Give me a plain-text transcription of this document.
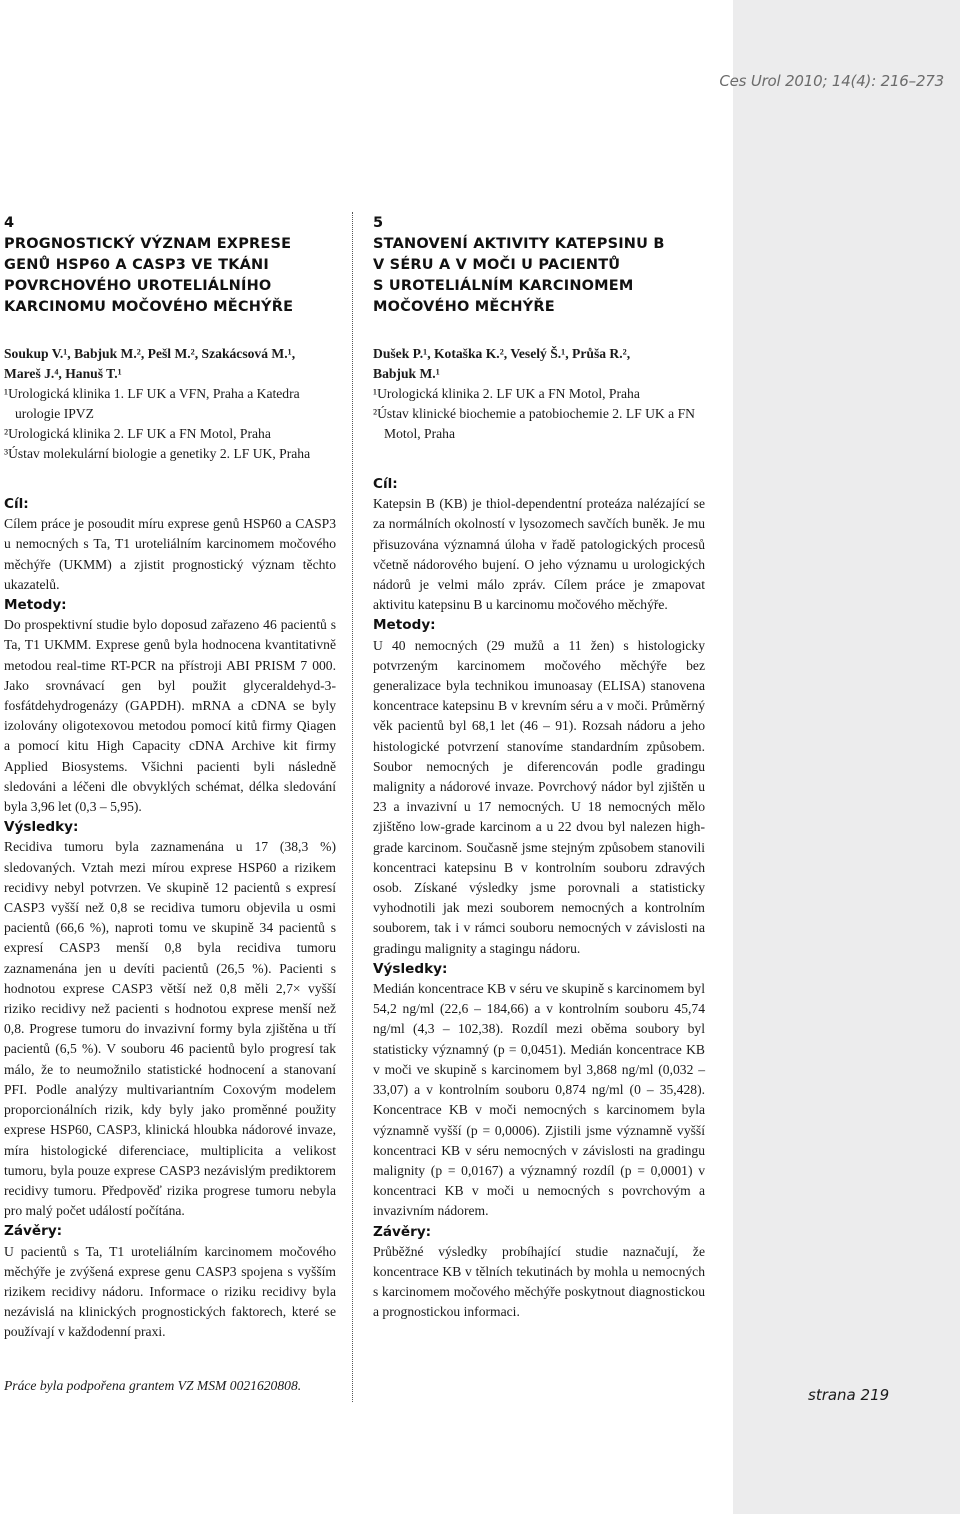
Ces Urol 2010; 14(4): 216–273
4
PROGNOSTICKÝ VÝZNAM EXPRESE
GENŮ HSP60 A CASP3 VE TKÁNI
POVRCHOVÉHO UROTELIÁLNÍHO
KARCINOMU MOČOVÉHO MĚCHÝŘE
Soukup V.¹, Babjuk M.², Pešl M.², Szakácsová M.¹,
Mareš J.⁴, Hanuš T.¹
¹Urologická klinika 1. LF UK a VFN, Praha a Katedra urologie IPVZ
²Urologická klinika 2. LF UK a FN Motol, Praha
³Ústav molekulární biologie a genetiky 2. LF UK, Praha
Cíl:

Cílem práce je posoudit míru exprese genů HSP60 a CASP3 u nemocných s Ta, T1 uroteliálním karcinomem močového měchýře (UKMM) a zjistit prognostický význam těchto ukazatelů.

Metody:

Do prospektivní studie bylo doposud zařazeno 46 pacientů s Ta, T1 UKMM. Exprese genů byla hodnocena kvantitativně metodou real-time RT-PCR na přístroji ABI PRISM 7 000. Jako srovnávací gen byl použit glyceraldehyd-3-fosfátdehydrogenázy (GAPDH). mRNA a cDNA se byly izolovány oligotexovou metodou pomocí kitů firmy Qiagen a pomocí kitu High Capacity cDNA Archive kit firmy Applied Biosystems. Všichni pacienti byli následně sledováni a léčeni dle obvyklých schémat, délka sledování byla 3,96 let (0,3 – 5,95).

Výsledky:

Recidiva tumoru byla zaznamenána u 17 (38,3 %) sledovaných. Vztah mezi mírou exprese HSP60 a rizikem recidivy nebyl potvrzen. Ve skupině 12 pacientů s expresí CASP3 vyšší než 0,8 se recidiva tumoru objevila u osmi pacientů (66,6 %), naproti tomu ve skupině 34 pacientů s expresí CASP3 menší 0,8 byla recidiva tumoru zaznamenána jen u devíti pacientů (26,5 %). Pacienti s hodnotou exprese CASP3 větší než 0,8 měli 2,7× vyšší riziko recidivy než pacienti s hodnotou exprese menší než 0,8. Progrese tumoru do invazivní formy byla zjištěna u tří pacientů (6,5 %). V souboru 46 pacientů bylo progresí tak málo, že to neumožnilo statistické hodnocení a stanovaní PFI. Podle analýzy multivariantním Coxovým modelem proporcionálních rizik, kdy byly jako proměnné použity exprese HSP60, CASP3, klinická hloubka nádorové invaze, míra histologické diferenciace, multiplicita a velikost tumoru, byla pouze exprese CASP3 nezávislým prediktorem recidivy tumoru. Předpověď rizika progrese tumoru nebyla pro malý počet událostí počítána.

Závěry:

U pacientů s Ta, T1 uroteliálním karcinomem močového měchýře je zvýšená exprese genu CASP3 spojena s vyšším rizikem recidivy nádoru. Informace o riziku recidivy byla nezávislá na klinických prognostických faktorech, které se používají v každodenní praxi.

5
STANOVENÍ AKTIVITY KATEPSINU B
V SÉRU A V MOČI U PACIENTŮ
S UROTELIÁLNÍM KARCINOMEM
MOČOVÉHO MĚCHÝŘE
Dušek P.¹, Kotaška K.², Veselý Š.¹, Průša R.²,
Babjuk M.¹
¹Urologická klinika 2. LF UK a FN Motol, Praha
²Ústav klinické biochemie a patobiochemie 2. LF UK a FN Motol, Praha
Cíl:

Katepsin B (KB) je thiol-dependentní proteáza nalézající se za normálních okolností v lysozomech savčích buněk. Je mu přisuzována významná úloha v řadě patologických procesů včetně nádorového bujení. O jeho významu u urologických nádorů je velmi málo zpráv. Cílem práce je zmapovat aktivitu katepsinu B u karcinomu močového měchýře.

Metody:

U 40 nemocných (29 mužů a 11 žen) s histologicky potvrzeným karcinomem močového měchýře bez generalizace byla technikou imunoasay (ELISA) stanovena koncentrace katepsinu B v krevním séru a v moči. Průměrný věk pacientů byl 68,1 let (46 – 91). Rozsah nádoru a jeho histologické potvrzení stanovíme standardním způsobem. Soubor nemocných je diferencován podle gradingu malignity a nádorové invaze. Povrchový nádor byl zjištěn u 23 a invazivní u 17 nemocných. U 18 nemocných mělo zjištěno low-grade karcinom a u 22 dvou byl nalezen high-grade karcinom. Současně jsme stejným způsobem stanovili koncentraci katepsinu B v kontrolním souboru zdravých osob. Získané výsledky jsme porovnali a statisticky vyhodnotili jak mezi souborem nemocných a kontrolním souborem, tak i v rámci souboru nemocných v závislosti na gradingu malignity a stagingu nádoru.

Výsledky:

Medián koncentrace KB v séru ve skupině s karcinomem byl 54,2 ng/ml (22,6 – 184,66) a v kontrolním souboru 45,74 ng/ml (4,3 – 102,38). Rozdíl mezi oběma soubory byl statisticky významný (p = 0,0451). Medián koncentrace KB v moči ve skupině s karcinomem byl 3,868 ng/ml (0,032 – 33,07) a v kontrolním souboru 0,874 ng/ml (0 – 35,428). Koncentrace KB v moči nemocných s karcinomem byla významně vyšší (p = 0,0006). Zjistili jsme významně vyšší koncentraci KB v séru nemocných v závislosti na gradingu malignity (p = 0,0167) a významný rozdíl (p = 0,0001) v koncentraci KB v moči u nemocných s povrchovým a invazivním nádorem.

Závěry:

Průběžné výsledky probíhající studie naznačují, že koncentrace KB v tělních tekutinách by mohla u nemocných s karcinomem močového měchýře poskytnout diagnostickou a prognostickou informaci.

Práce byla podpořena grantem VZ MSM 0021620808.
strana 219
